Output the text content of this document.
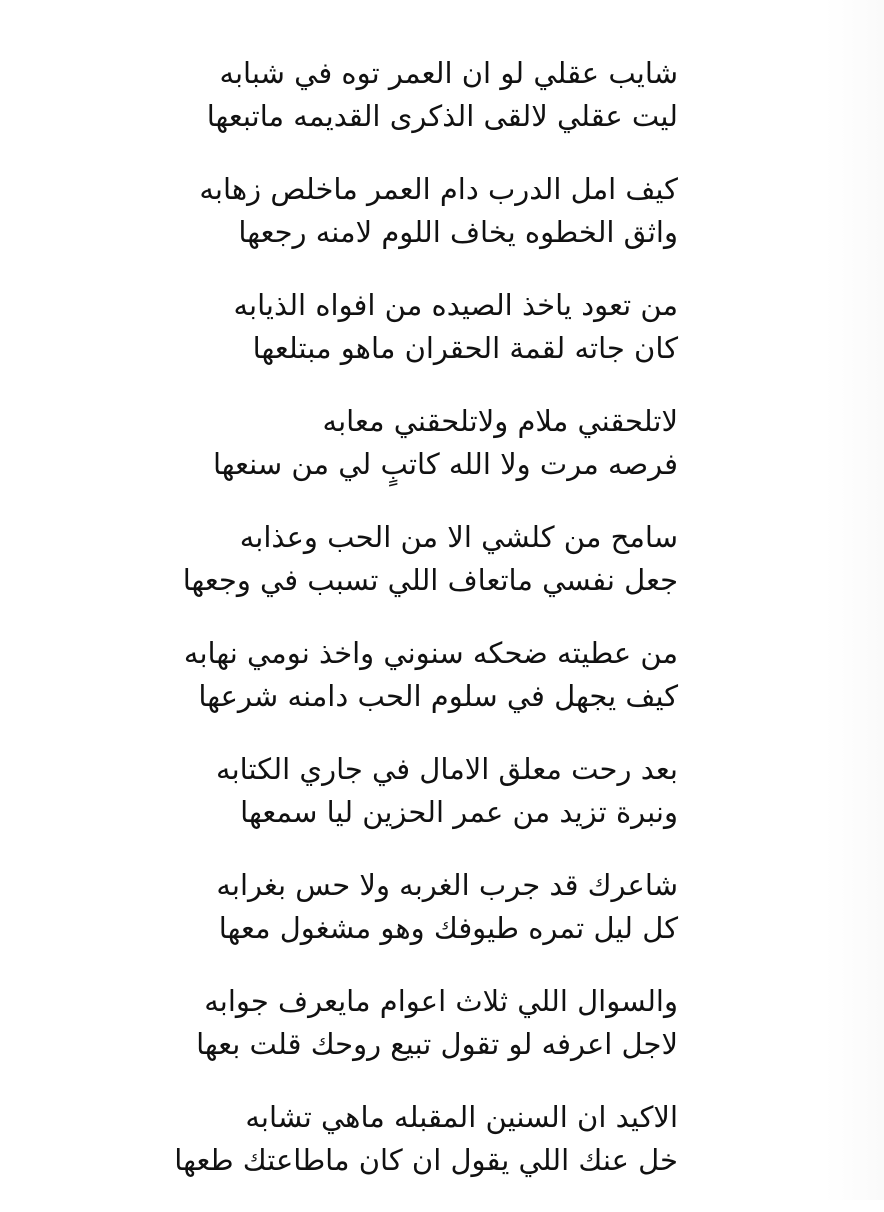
شايب عقلي لو ان العمر توه في شبابه
ليت عقلي لالقى الذكرى القديمه ماتبعها
كيف امل الدرب دام العمر ماخلص زهابه
واثق الخطوه يخاف اللوم لامنه رجعها
من تعود ياخذ الصيده من افواه الذيابه
كان جاته لقمة الحقران ماهو مبتلعها
لاتلحقني ملام ولاتلحقني معابه
فرصه مرت ولا الله كاتبٍ لي من سنعها
سامح من كلشي الا من الحب وعذابه
جعل نفسي ماتعاف اللي تسبب في وجعها
من عطيته ضحكه سنوني واخذ نومي نهابه
كيف يجهل في سلوم الحب دامنه شرعها
بعد رحت معلق الامال في جاري الكتابه
ونبرة تزيد من عمر الحزين ليا سمعها
شاعرك قد جرب الغربه ولا حس بغرابه
كل ليل تمره طيوفك وهو مشغول معها
والسوال اللي ثلاث اعوام مايعرف جوابه
لاجل اعرفه لو تقول تبيع روحك قلت بعها
الاكيد ان السنين المقبله ماهي تشابه
خل عنك اللي يقول ان كان ماطاعتك طعها
